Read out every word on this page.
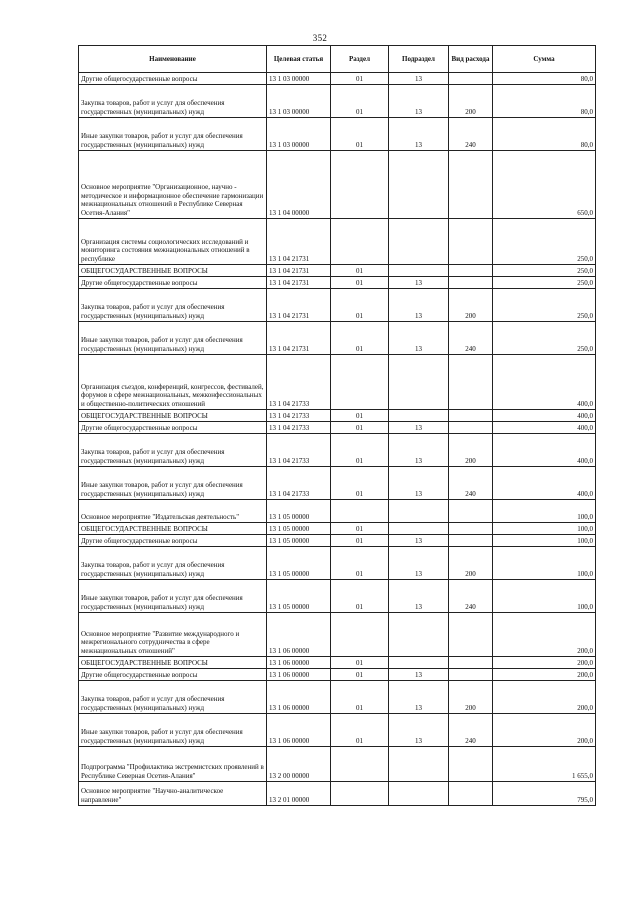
352
Наименование	Целевая статья	Раздел	Подраздел	Вид расхода	Сумма
Другие общегосударственные вопросы	13 1 03 00000	01	13		80,0
Закупка товаров, работ и услуг для обеспечения государственных (муниципальных) нужд	13 1 03 00000	01	13	200	80,0
Иные закупки товаров, работ и услуг для обеспечения государственных (муниципальных) нужд	13 1 03 00000	01	13	240	80,0
Основное мероприятие "Организационное, научно - методическое и информационное обеспечение гармонизации межнациональных отношений в Республике Северная Осетия-Алания"	13 1 04 00000				650,0
Организация системы социологических исследований и мониторинга состояния межнациональных отношений в республике	13 1 04 21731				250,0
ОБЩЕГОСУДАРСТВЕННЫЕ ВОПРОСЫ	13 1 04 21731	01			250,0
Другие общегосударственные вопросы	13 1 04 21731	01	13		250,0
Закупка товаров, работ и услуг для обеспечения государственных (муниципальных) нужд	13 1 04 21731	01	13	200	250,0
Иные закупки товаров, работ и услуг для обеспечения государственных (муниципальных) нужд	13 1 04 21731	01	13	240	250,0
Организация съездов, конференций, конгрессов, фестивалей, форумов в сфере межнациональных, межконфессиональных и общественно-политических отношений	13 1 04 21733				400,0
ОБЩЕГОСУДАРСТВЕННЫЕ ВОПРОСЫ	13 1 04 21733	01			400,0
Другие общегосударственные вопросы	13 1 04 21733	01	13		400,0
Закупка товаров, работ и услуг для обеспечения государственных (муниципальных) нужд	13 1 04 21733	01	13	200	400,0
Иные закупки товаров, работ и услуг для обеспечения государственных (муниципальных) нужд	13 1 04 21733	01	13	240	400,0
Основное мероприятие "Издательская деятельность"	13 1 05 00000				100,0
ОБЩЕГОСУДАРСТВЕННЫЕ ВОПРОСЫ	13 1 05 00000	01			100,0
Другие общегосударственные вопросы	13 1 05 00000	01	13		100,0
Закупка товаров, работ и услуг для обеспечения государственных (муниципальных) нужд	13 1 05 00000	01	13	200	100,0
Иные закупки товаров, работ и услуг для обеспечения государственных (муниципальных) нужд	13 1 05 00000	01	13	240	100,0
Основное мероприятие "Развитие международного и межрегионального сотрудничества в сфере межнациональных отношений"	13 1 06 00000				200,0
ОБЩЕГОСУДАРСТВЕННЫЕ ВОПРОСЫ	13 1 06 00000	01			200,0
Другие общегосударственные вопросы	13 1 06 00000	01	13		200,0
Закупка товаров, работ и услуг для обеспечения государственных (муниципальных) нужд	13 1 06 00000	01	13	200	200,0
Иные закупки товаров, работ и услуг для обеспечения государственных (муниципальных) нужд	13 1 06 00000	01	13	240	200,0
Подпрограмма "Профилактика экстремистских проявлений в Республике Северная Осетия-Алания"	13 2 00 00000				1 655,0
Основное мероприятие "Научно-аналитическое направление"	13 2 01 00000				795,0
